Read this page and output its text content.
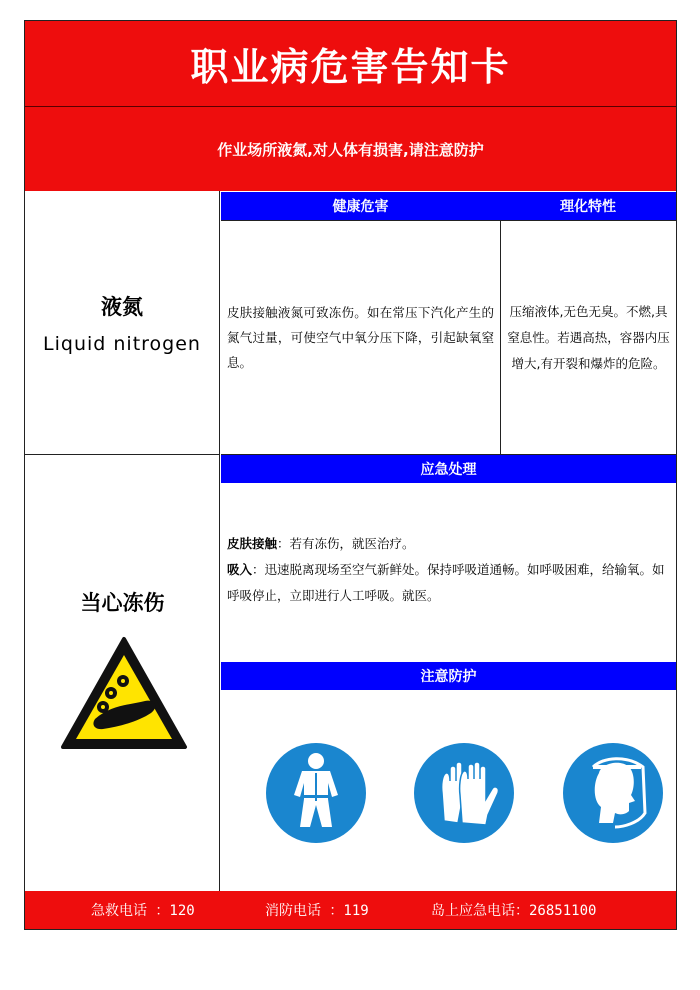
职业病危害告知卡
作业场所液氮,对人体有损害,请注意防护
液氮
Liquid nitrogen
健康危害	理化特性

皮肤接触液氮可致冻伤。如在常压下汽化产生的氮气过量，可使空气中氧分压下降，引起缺氧窒息。

压缩液体,无色无臭。不燃,具窒息性。若遇高热，容器内压增大,有开裂和爆炸的危险。

当心冻伤
应急处理

皮肤接触：若有冻伤，就医治疗。

吸入：迅速脱离现场至空气新鲜处。保持呼吸道通畅。如呼吸困难，给输氧。如呼吸停止，立即进行人工呼吸。就医。

注意防护
急救电话 ：120	消防电话 ：119	岛上应急电话：26851100
